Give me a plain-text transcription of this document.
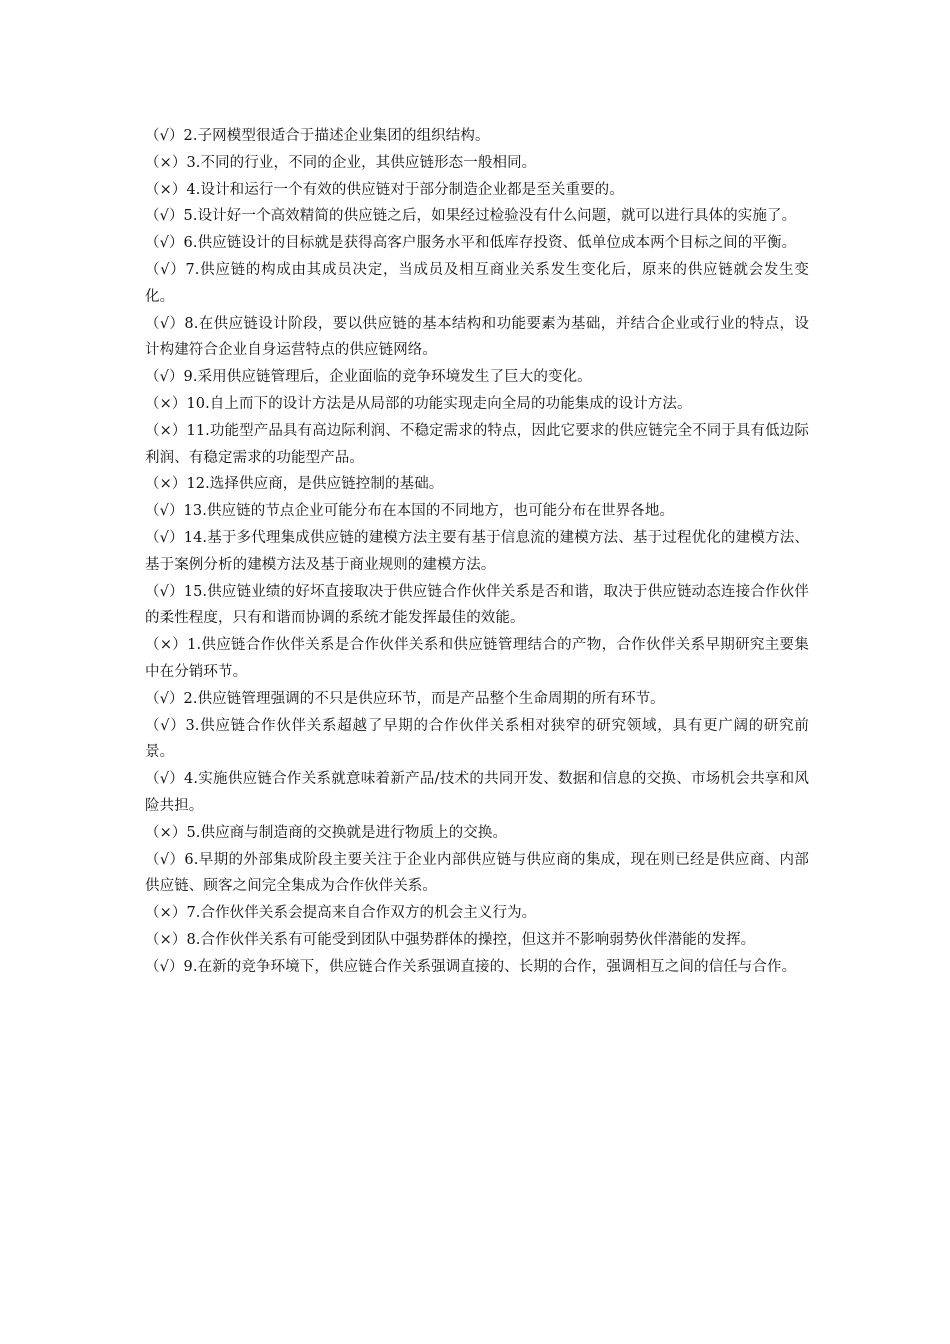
（√）2.子网模型很适合于描述企业集团的组织结构。

（×）3.不同的行业，不同的企业，其供应链形态一般相同。

（×）4.设计和运行一个有效的供应链对于部分制造企业都是至关重要的。

（√）5.设计好一个高效精简的供应链之后，如果经过检验没有什么问题，就可以进行具体的实施了。

（√）6.供应链设计的目标就是获得高客户服务水平和低库存投资、低单位成本两个目标之间的平衡。

（√）7.供应链的构成由其成员决定，当成员及相互商业关系发生变化后，原来的供应链就会发生变化。

（√）8.在供应链设计阶段，要以供应链的基本结构和功能要素为基础，并结合企业或行业的特点，设计构建符合企业自身运营特点的供应链网络。

（√）9.采用供应链管理后，企业面临的竞争环境发生了巨大的变化。

（×）10.自上而下的设计方法是从局部的功能实现走向全局的功能集成的设计方法。

（×）11.功能型产品具有高边际利润、不稳定需求的特点，因此它要求的供应链完全不同于具有低边际利润、有稳定需求的功能型产品。

（×）12.选择供应商，是供应链控制的基础。

（√）13.供应链的节点企业可能分布在本国的不同地方，也可能分布在世界各地。

（√）14.基于多代理集成供应链的建模方法主要有基于信息流的建模方法、基于过程优化的建模方法、基于案例分析的建模方法及基于商业规则的建模方法。

（√）15.供应链业绩的好坏直接取决于供应链合作伙伴关系是否和谐，取决于供应链动态连接合作伙伴的柔性程度，只有和谐而协调的系统才能发挥最佳的效能。

（×）1.供应链合作伙伴关系是合作伙伴关系和供应链管理结合的产物，合作伙伴关系早期研究主要集中在分销环节。

（√）2.供应链管理强调的不只是供应环节，而是产品整个生命周期的所有环节。

（√）3.供应链合作伙伴关系超越了早期的合作伙伴关系相对狭窄的研究领域，具有更广阔的研究前景。

（√）4.实施供应链合作关系就意味着新产品/技术的共同开发、数据和信息的交换、市场机会共享和风险共担。

（×）5.供应商与制造商的交换就是进行物质上的交换。

（√）6.早期的外部集成阶段主要关注于企业内部供应链与供应商的集成，现在则已经是供应商、内部供应链、顾客之间完全集成为合作伙伴关系。

（×）7.合作伙伴关系会提高来自合作双方的机会主义行为。

（×）8.合作伙伴关系有可能受到团队中强势群体的操控，但这并不影响弱势伙伴潜能的发挥。

（√）9.在新的竞争环境下，供应链合作关系强调直接的、长期的合作，强调相互之间的信任与合作。
